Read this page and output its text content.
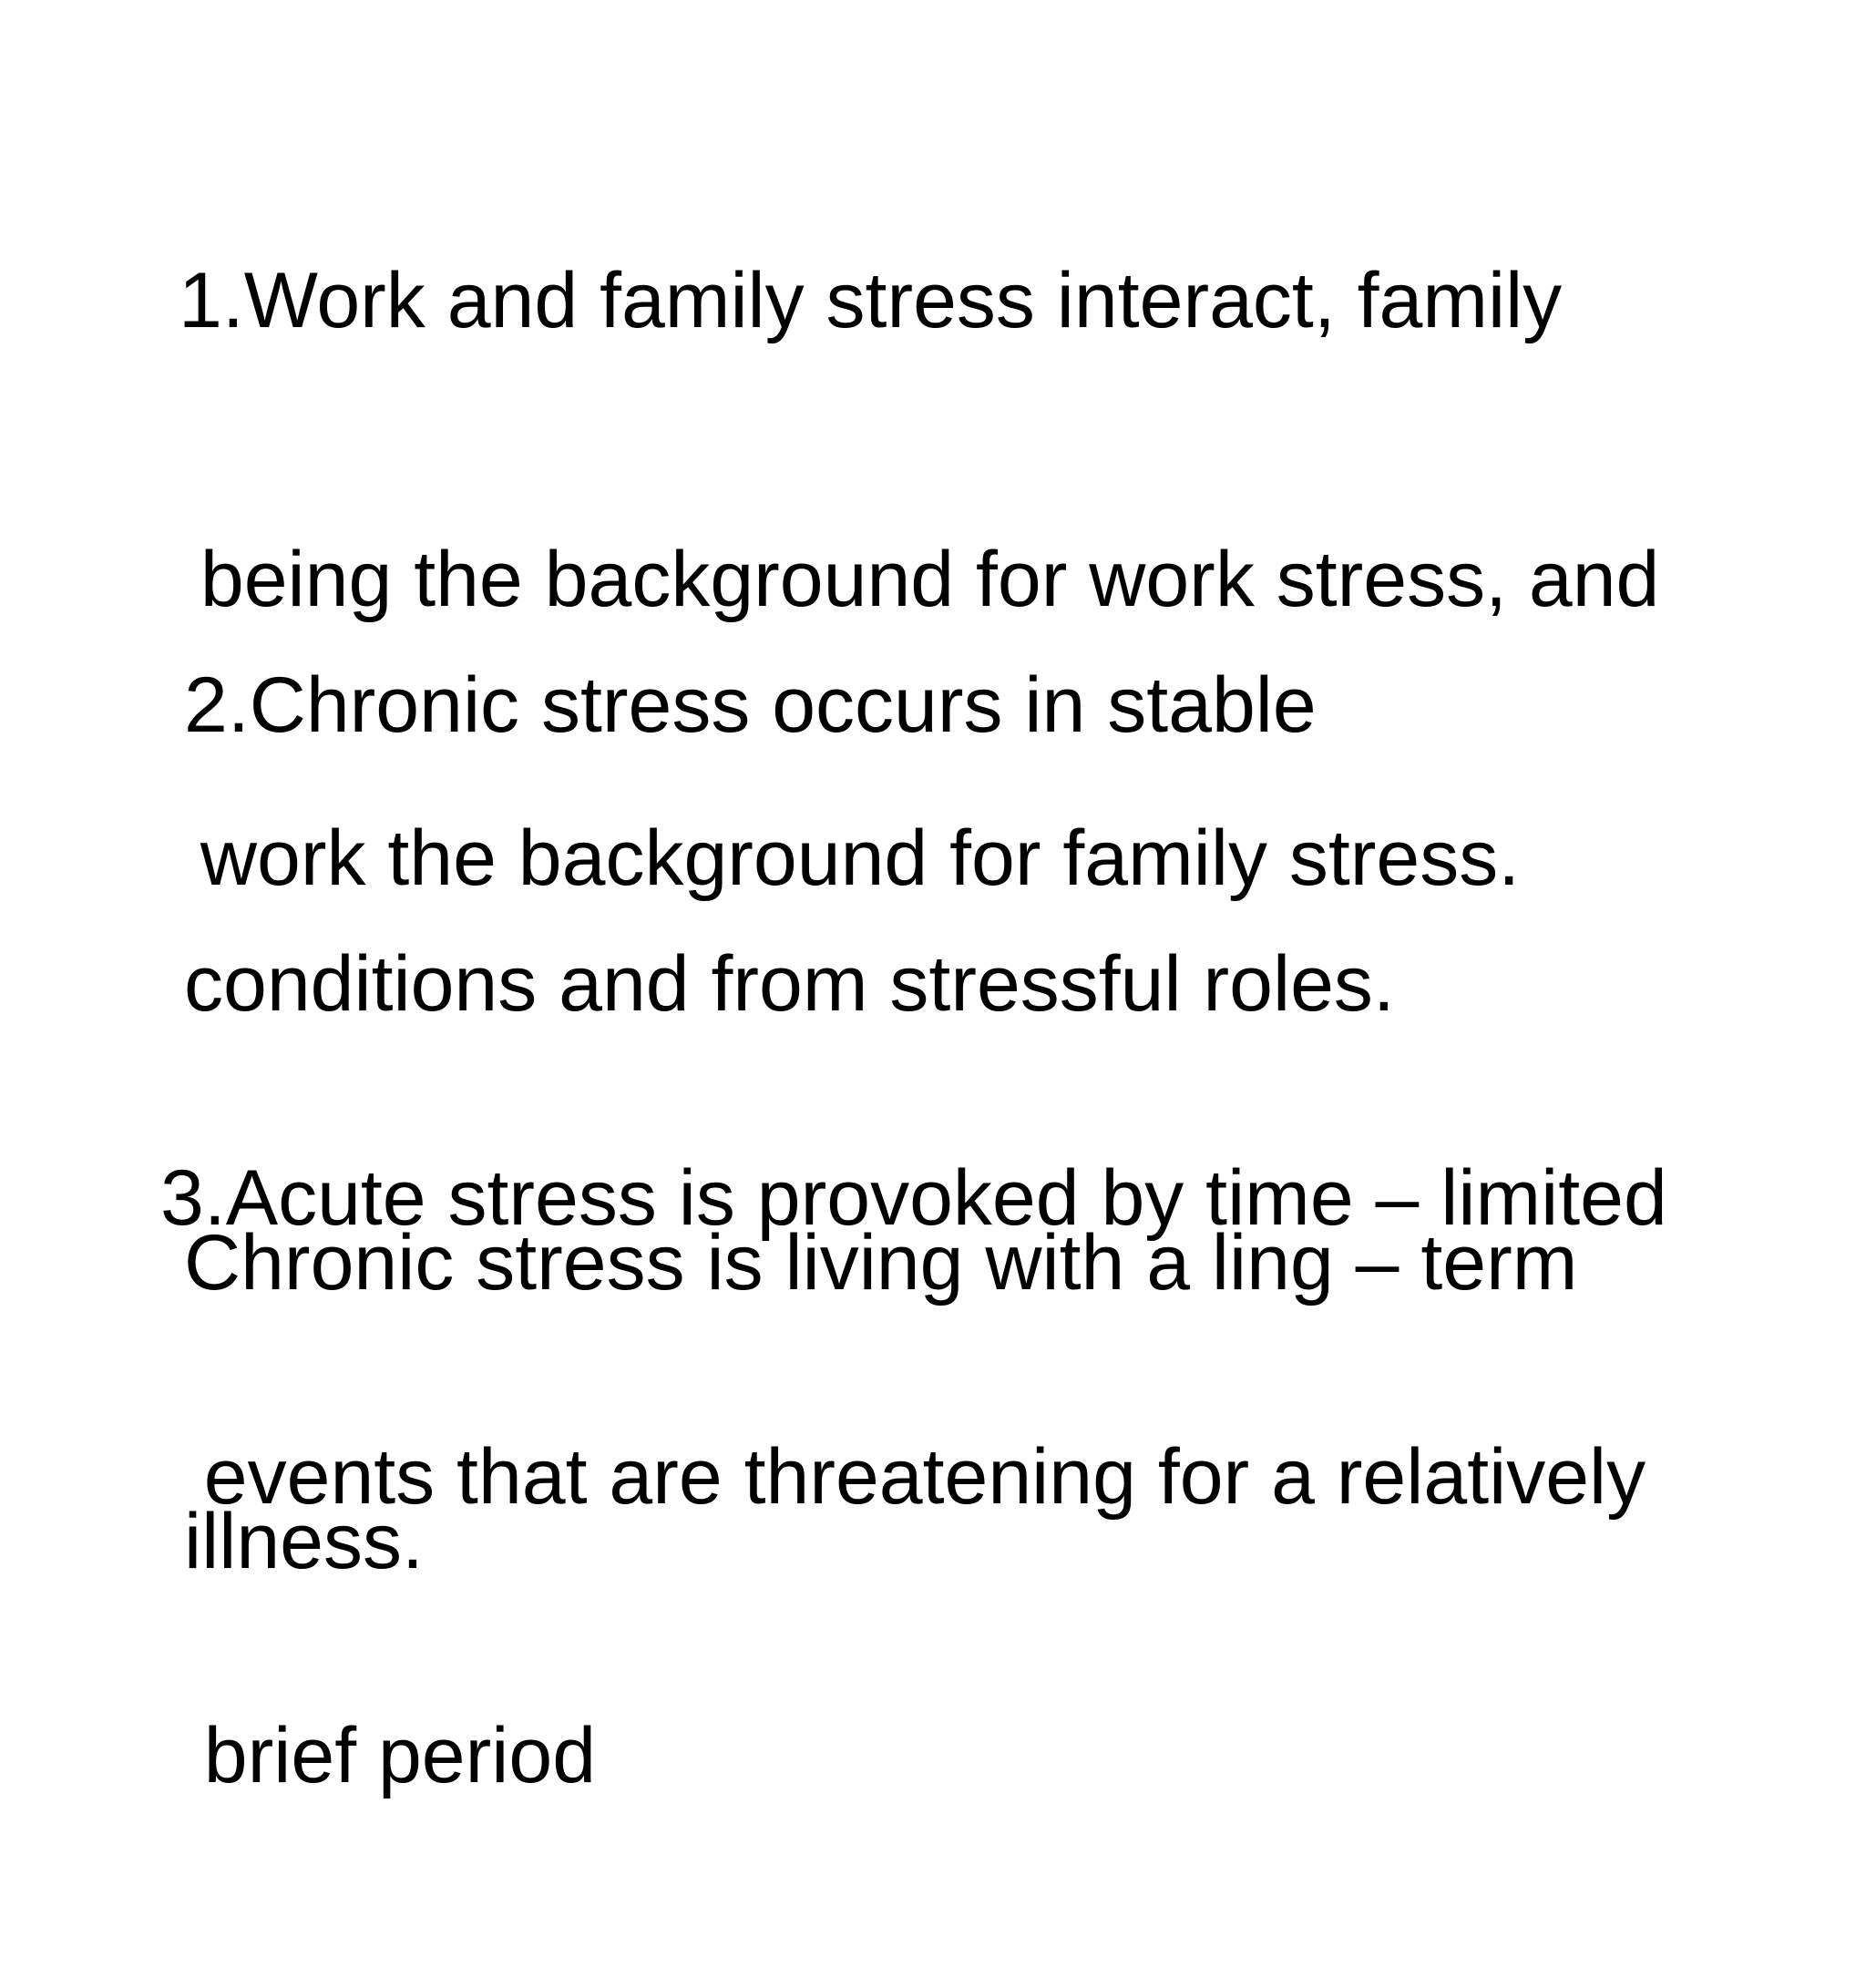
1.Work and family stress interact, family

being the background for work stress, and

work the background for family stress.

2.Chronic stress occurs in stable

conditions and from stressful roles.

Chronic stress is living with a ling – term

illness.

3.Acute stress is provoked by time – limited

events that are threatening for a relatively

brief period
